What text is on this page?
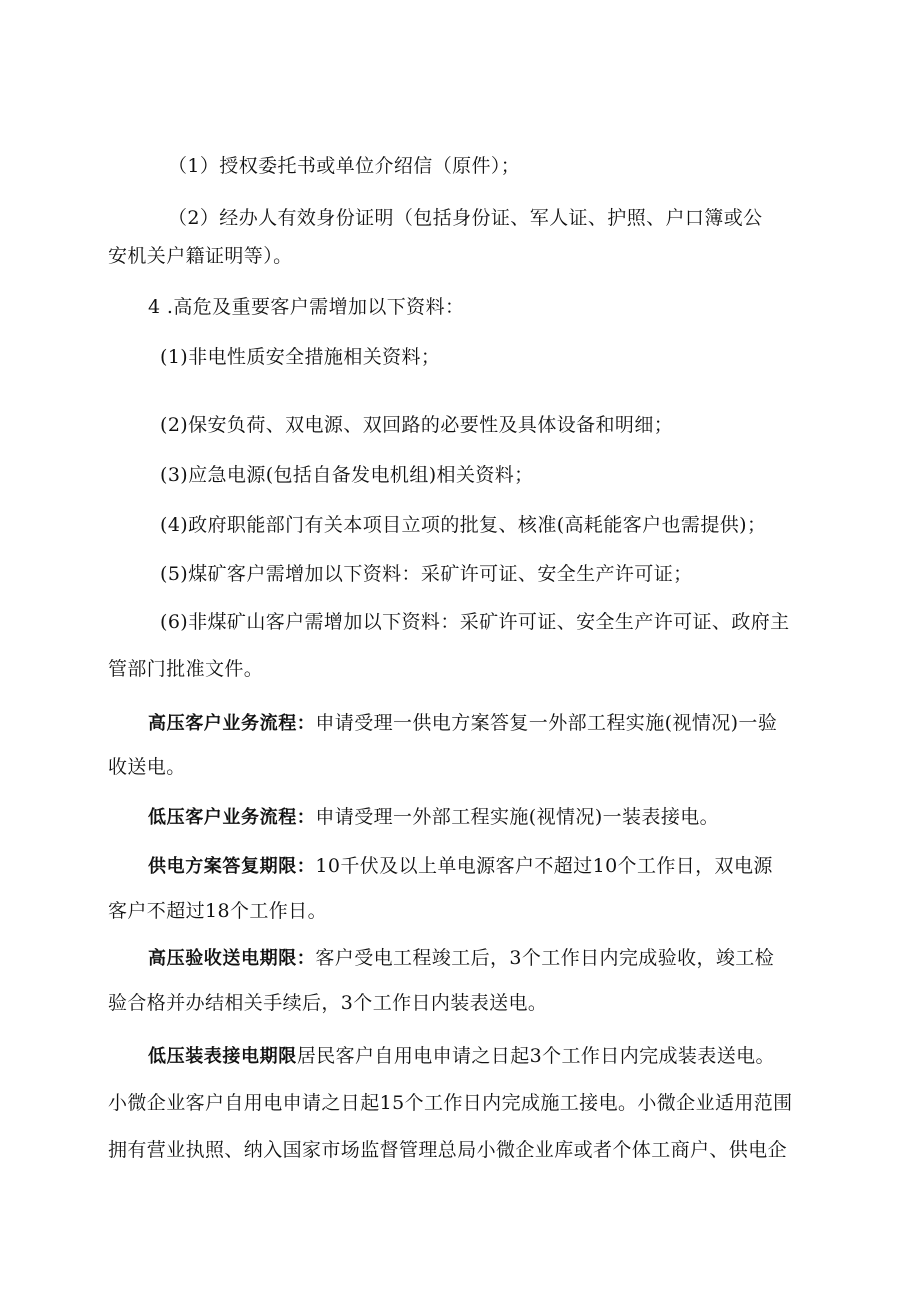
（1）授权委托书或单位介绍信（原件）；
（2）经办人有效身份证明（包括身份证、军人证、护照、户口簿或公
安机关户籍证明等）。
4 .高危及重要客户需增加以下资料：
(1)非电性质安全措施相关资料；
(2)保安负荷、双电源、双回路的必要性及具体设备和明细；
(3)应急电源(包括自备发电机组)相关资料；
(4)政府职能部门有关本项目立项的批复、核准(高耗能客户也需提供)；
(5)煤矿客户需增加以下资料：采矿许可证、安全生产许可证；
(6)非煤矿山客户需增加以下资料：采矿许可证、安全生产许可证、政府主
管部门批准文件。
高压客户业务流程：申请受理一供电方案答复一外部工程实施(视情况)一验
收送电。
低压客户业务流程：申请受理一外部工程实施(视情况)一装表接电。
供电方案答复期限：10千伏及以上单电源客户不超过10个工作日，双电源
客户不超过18个工作日。
高压验收送电期限：客户受电工程竣工后，3个工作日内完成验收，竣工检
验合格并办结相关手续后，3个工作日内装表送电。
低压装表接电期限居民客户自用电申请之日起3个工作日内完成装表送电。
小微企业客户自用电申请之日起15个工作日内完成施工接电。小微企业适用范围
拥有营业执照、纳入国家市场监督管理总局小微企业库或者个体工商户、供电企
